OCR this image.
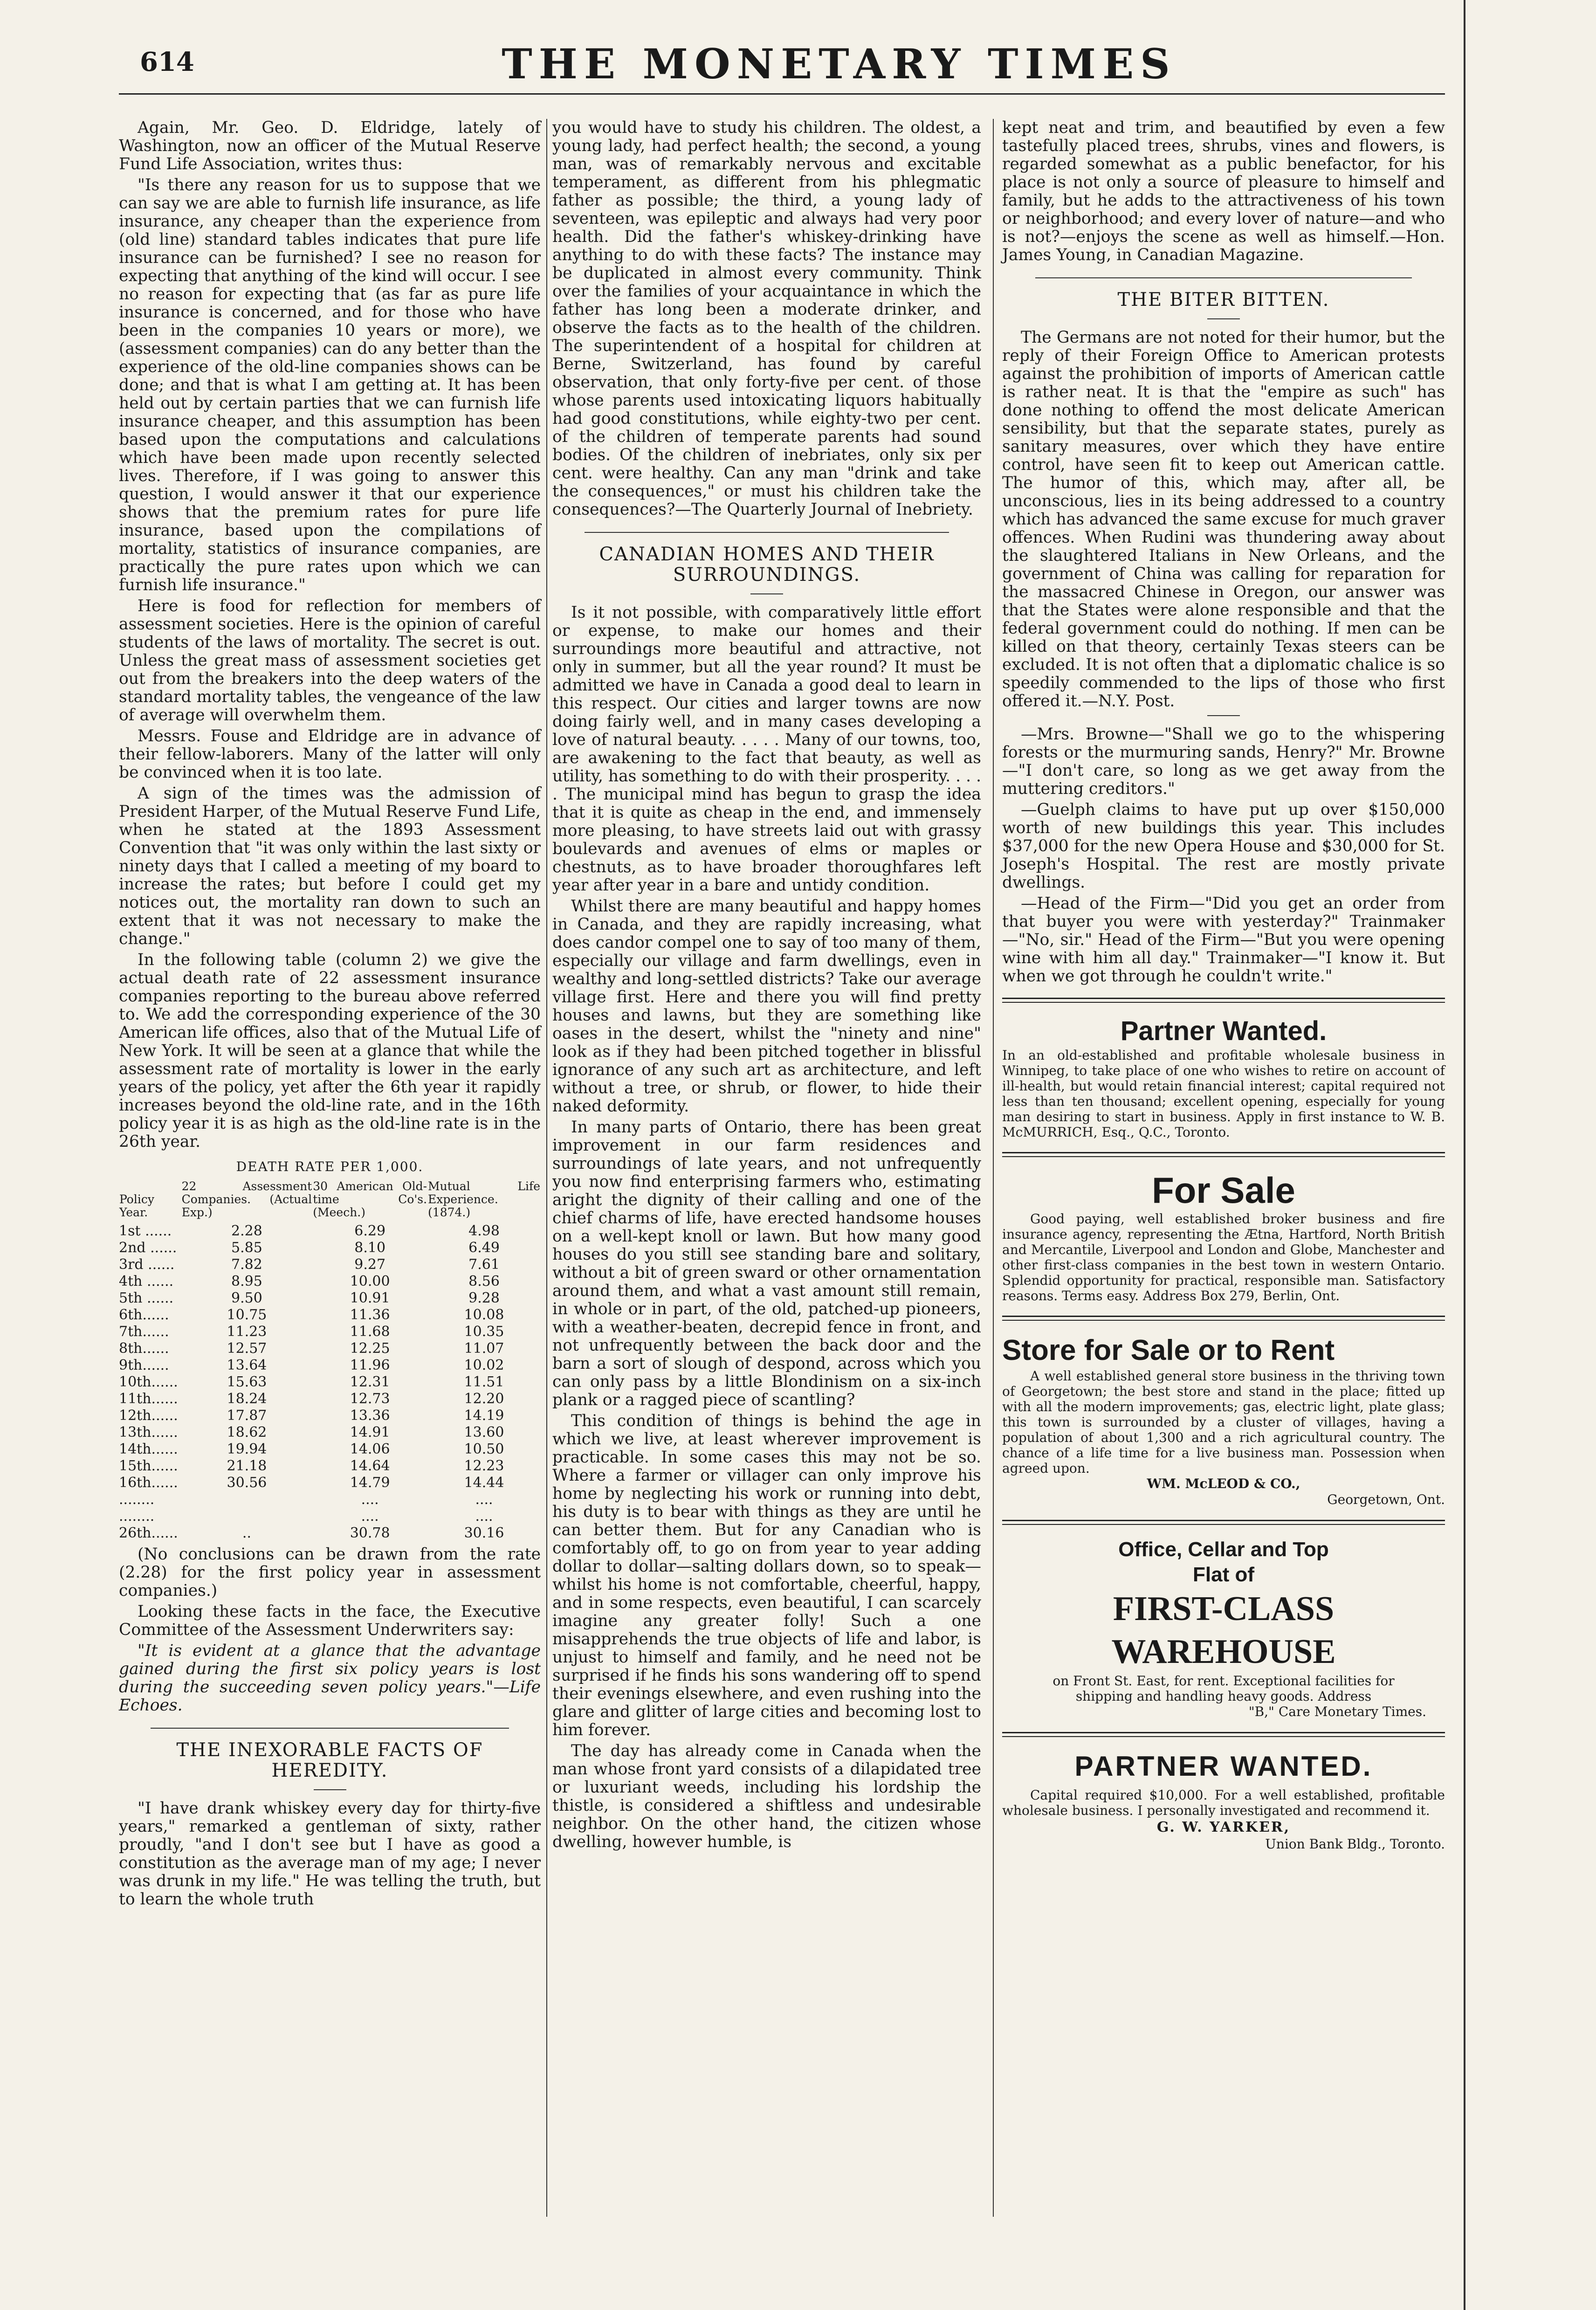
614	THE MONETARY TIMES

Again, Mr. Geo. D. Eldridge, lately of Washington, now an officer of the Mutual Reserve Fund Life Association, writes thus:

"Is there any reason for us to suppose that we can say we are able to furnish life insurance, as life insurance, any cheaper than the experience from (old line) standard tables indicates that pure life insurance can be furnished? I see no reason for expecting that anything of the kind will occur. I see no reason for expecting that (as far as pure life insurance is concerned, and for those who have been in the companies 10 years or more), we (assessment companies) can do any better than the experience of the old-line companies shows can be done; and that is what I am getting at. It has been held out by certain parties that we can furnish life insurance cheaper, and this assumption has been based upon the computations and calculations which have been made upon recently selected lives. Therefore, if I was going to answer this question, I would answer it that our experience shows that the premium rates for pure life insurance, based upon the compilations of mortality, statistics of insurance companies, are practically the pure rates upon which we can furnish life insurance."

Here is food for reflection for members of assessment societies. Here is the opinion of careful students of the laws of mortality. The secret is out. Unless the great mass of assessment societies get out from the breakers into the deep waters of the standard mortality tables, the vengeance of the law of average will overwhelm them.

Messrs. Fouse and Eldridge are in advance of their fellow-laborers. Many of the latter will only be convinced when it is too late.

A sign of the times was the admission of President Harper, of the Mutual Reserve Fund Life, when he stated at the 1893 Assessment Convention that "it was only within the last sixty or ninety days that I called a meeting of my board to increase the rates; but before I could get my notices out, the mortality ran down to such an extent that it was not necessary to make the change."

In the following table (column 2) we give the actual death rate of 22 assessment insurance companies reporting to the bureau above referred to. We add the corresponding experience of the 30 American life offices, also that of the Mutual Life of New York. It will be seen at a glance that while the assessment rate of mortality is lower in the early years of the policy, yet after the 6th year it rapidly increases beyond the old-line rate, and in the 16th policy year it is as high as the old-line rate is in the 26th year.

DEATH RATE PER 1,000.
Policy Year.	22 Assessment Companies. (Actual Exp.)	30 American Old-time Co's. (Meech.)	Mutual Life Experience. (1874.)
1st ......	2.28	6.29	4.98
2nd ......	5.85	8.10	6.49
3rd ......	7.82	9.27	7.61
4th ......	8.95	10.00	8.56
5th ......	9.50	10.91	9.28
6th......	10.75	11.36	10.08
7th......	11.23	11.68	10.35
8th......	12.57	12.25	11.07
9th......	13.64	11.96	10.02
10th......	15.63	12.31	11.51
11th......	18.24	12.73	12.20
12th......	17.87	13.36	14.19
13th......	18.62	14.91	13.60
14th......	19.94	14.06	10.50
15th......	21.18	14.64	12.23
16th......	30.56	14.79	14.44
........		....	....
........		....	....
26th......	..	30.78	30.16

(No conclusions can be drawn from the rate (2.28) for the first policy year in assessment companies.)

Looking these facts in the face, the Executive Committee of the Assessment Underwriters say:

"It is evident at a glance that the advantage gained during the first six policy years is lost during the succeeding seven policy years."—Life Echoes.

THE INEXORABLE FACTS OF HEREDITY.

"I have drank whiskey every day for thirty-five years," remarked a gentleman of sixty, rather proudly, "and I don't see but I have as good a constitution as the average man of my age; I never was drunk in my life." He was telling the truth, but to learn the whole truth

you would have to study his children. The oldest, a young lady, had perfect health; the second, a young man, was of remarkably nervous and excitable temperament, as different from his phlegmatic father as possible; the third, a young lady of seventeen, was epileptic and always had very poor health. Did the father's whiskey-drinking have anything to do with these facts? The instance may be duplicated in almost every community. Think over the families of your acquaintance in which the father has long been a moderate drinker, and observe the facts as to the health of the children. The superintendent of a hospital for children at Berne, Switzerland, has found by careful observation, that only forty-five per cent. of those whose parents used intoxicating liquors habitually had good constitutions, while eighty-two per cent. of the children of temperate parents had sound bodies. Of the children of inebriates, only six per cent. were healthy. Can any man "drink and take the consequences," or must his children take the consequences?—The Quarterly Journal of Inebriety.

CANADIAN HOMES AND THEIR SURROUNDINGS.

Is it not possible, with comparatively little effort or expense, to make our homes and their surroundings more beautiful and attractive, not only in summer, but all the year round? It must be admitted we have in Canada a good deal to learn in this respect. Our cities and larger towns are now doing fairly well, and in many cases developing a love of natural beauty. . . . . Many of our towns, too, are awakening to the fact that beauty, as well as utility, has something to do with their prosperity. . . . . The municipal mind has begun to grasp the idea that it is quite as cheap in the end, and immensely more pleasing, to have streets laid out with grassy boulevards and avenues of elms or maples or chestnuts, as to have broader thoroughfares left year after year in a bare and untidy condition.

Whilst there are many beautiful and happy homes in Canada, and they are rapidly increasing, what does candor compel one to say of too many of them, especially our village and farm dwellings, even in wealthy and long-settled districts? Take our average village first. Here and there you will find pretty houses and lawns, but they are something like oases in the desert, whilst the "ninety and nine" look as if they had been pitched together in blissful ignorance of any such art as architecture, and left without a tree, or shrub, or flower, to hide their naked deformity.

In many parts of Ontario, there has been great improvement in our farm residences and surroundings of late years, and not unfrequently you now find enterprising farmers who, estimating aright the dignity of their calling and one of the chief charms of life, have erected handsome houses on a well-kept knoll or lawn. But how many good houses do you still see standing bare and solitary, without a bit of green sward or other ornamentation around them, and what a vast amount still remain, in whole or in part, of the old, patched-up pioneers, with a weather-beaten, decrepid fence in front, and not unfrequently between the back door and the barn a sort of slough of despond, across which you can only pass by a little Blondinism on a six-inch plank or a ragged piece of scantling?

This condition of things is behind the age in which we live, at least wherever improvement is practicable. In some cases this may not be so. Where a farmer or villager can only improve his home by neglecting his work or running into debt, his duty is to bear with things as they are until he can better them. But for any Canadian who is comfortably off, to go on from year to year adding dollar to dollar—salting dollars down, so to speak—whilst his home is not comfortable, cheerful, happy, and in some respects, even beautiful, I can scarcely imagine any greater folly! Such a one misapprehends the true objects of life and labor, is unjust to himself and family, and he need not be surprised if he finds his sons wandering off to spend their evenings elsewhere, and even rushing into the glare and glitter of large cities and becoming lost to him forever.

The day has already come in Canada when the man whose front yard consists of a dilapidated tree or luxuriant weeds, including his lordship the thistle, is considered a shiftless and undesirable neighbor. On the other hand, the citizen whose dwelling, however humble, is

kept neat and trim, and beautified by even a few tastefully placed trees, shrubs, vines and flowers, is regarded somewhat as a public benefactor, for his place is not only a source of pleasure to himself and family, but he adds to the attractiveness of his town or neighborhood; and every lover of nature—and who is not?—enjoys the scene as well as himself.—Hon. James Young, in Canadian Magazine.

THE BITER BITTEN.

The Germans are not noted for their humor, but the reply of their Foreign Office to American protests against the prohibition of imports of American cattle is rather neat. It is that the "empire as such" has done nothing to offend the most delicate American sensibility, but that the separate states, purely as sanitary measures, over which they have entire control, have seen fit to keep out American cattle. The humor of this, which may, after all, be unconscious, lies in its being addressed to a country which has advanced the same excuse for much graver offences. When Rudini was thundering away about the slaughtered Italians in New Orleans, and the government of China was calling for reparation for the massacred Chinese in Oregon, our answer was that the States were alone responsible and that the federal government could do nothing. If men can be killed on that theory, certainly Texas steers can be excluded. It is not often that a diplomatic chalice is so speedily commended to the lips of those who first offered it.—N.Y. Post.

—Mrs. Browne—"Shall we go to the whispering forests or the murmuring sands, Henry?" Mr. Browne—"I don't care, so long as we get away from the muttering creditors."

—Guelph claims to have put up over $150,000 worth of new buildings this year. This includes $37,000 for the new Opera House and $30,000 for St. Joseph's Hospital. The rest are mostly private dwellings.

—Head of the Firm—"Did you get an order from that buyer you were with yesterday?" Trainmaker—"No, sir." Head of the Firm—"But you were opening wine with him all day." Trainmaker—"I know it. But when we got through he couldn't write."

Partner Wanted.
In an old-established and profitable wholesale business in Winnipeg, to take place of one who wishes to retire on account of ill-health, but would retain financial interest; capital required not less than ten thousand; excellent opening, especially for young man desiring to start in business. Apply in first instance to W. B. McMURRICH, Esq., Q.C., Toronto.
For Sale
Good paying, well established broker business and fire insurance agency, representing the Ætna, Hartford, North British and Mercantile, Liverpool and London and Globe, Manchester and other first-class companies in the best town in western Ontario. Splendid opportunity for practical, responsible man. Satisfactory reasons. Terms easy. Address Box 279, Berlin, Ont.
Store for Sale or to Rent
A well established general store business in the thriving town of Georgetown; the best store and stand in the place; fitted up with all the modern improvements; gas, electric light, plate glass; this town is surrounded by a cluster of villages, having a population of about 1,300 and a rich agricultural country. The chance of a life time for a live business man. Possession when agreed upon.
WM. McLEOD & CO.,
Georgetown, Ont.
Office, Cellar and Top
Flat of
FIRST-CLASS WAREHOUSE
on Front St. East, for rent. Exceptional facilities for shipping and handling heavy goods. Address
"B," Care Monetary Times.
PARTNER WANTED.
Capital required $10,000. For a well established, profitable wholesale business. I personally investigated and recommend it.
G. W. YARKER,
Union Bank Bldg., Toronto.
